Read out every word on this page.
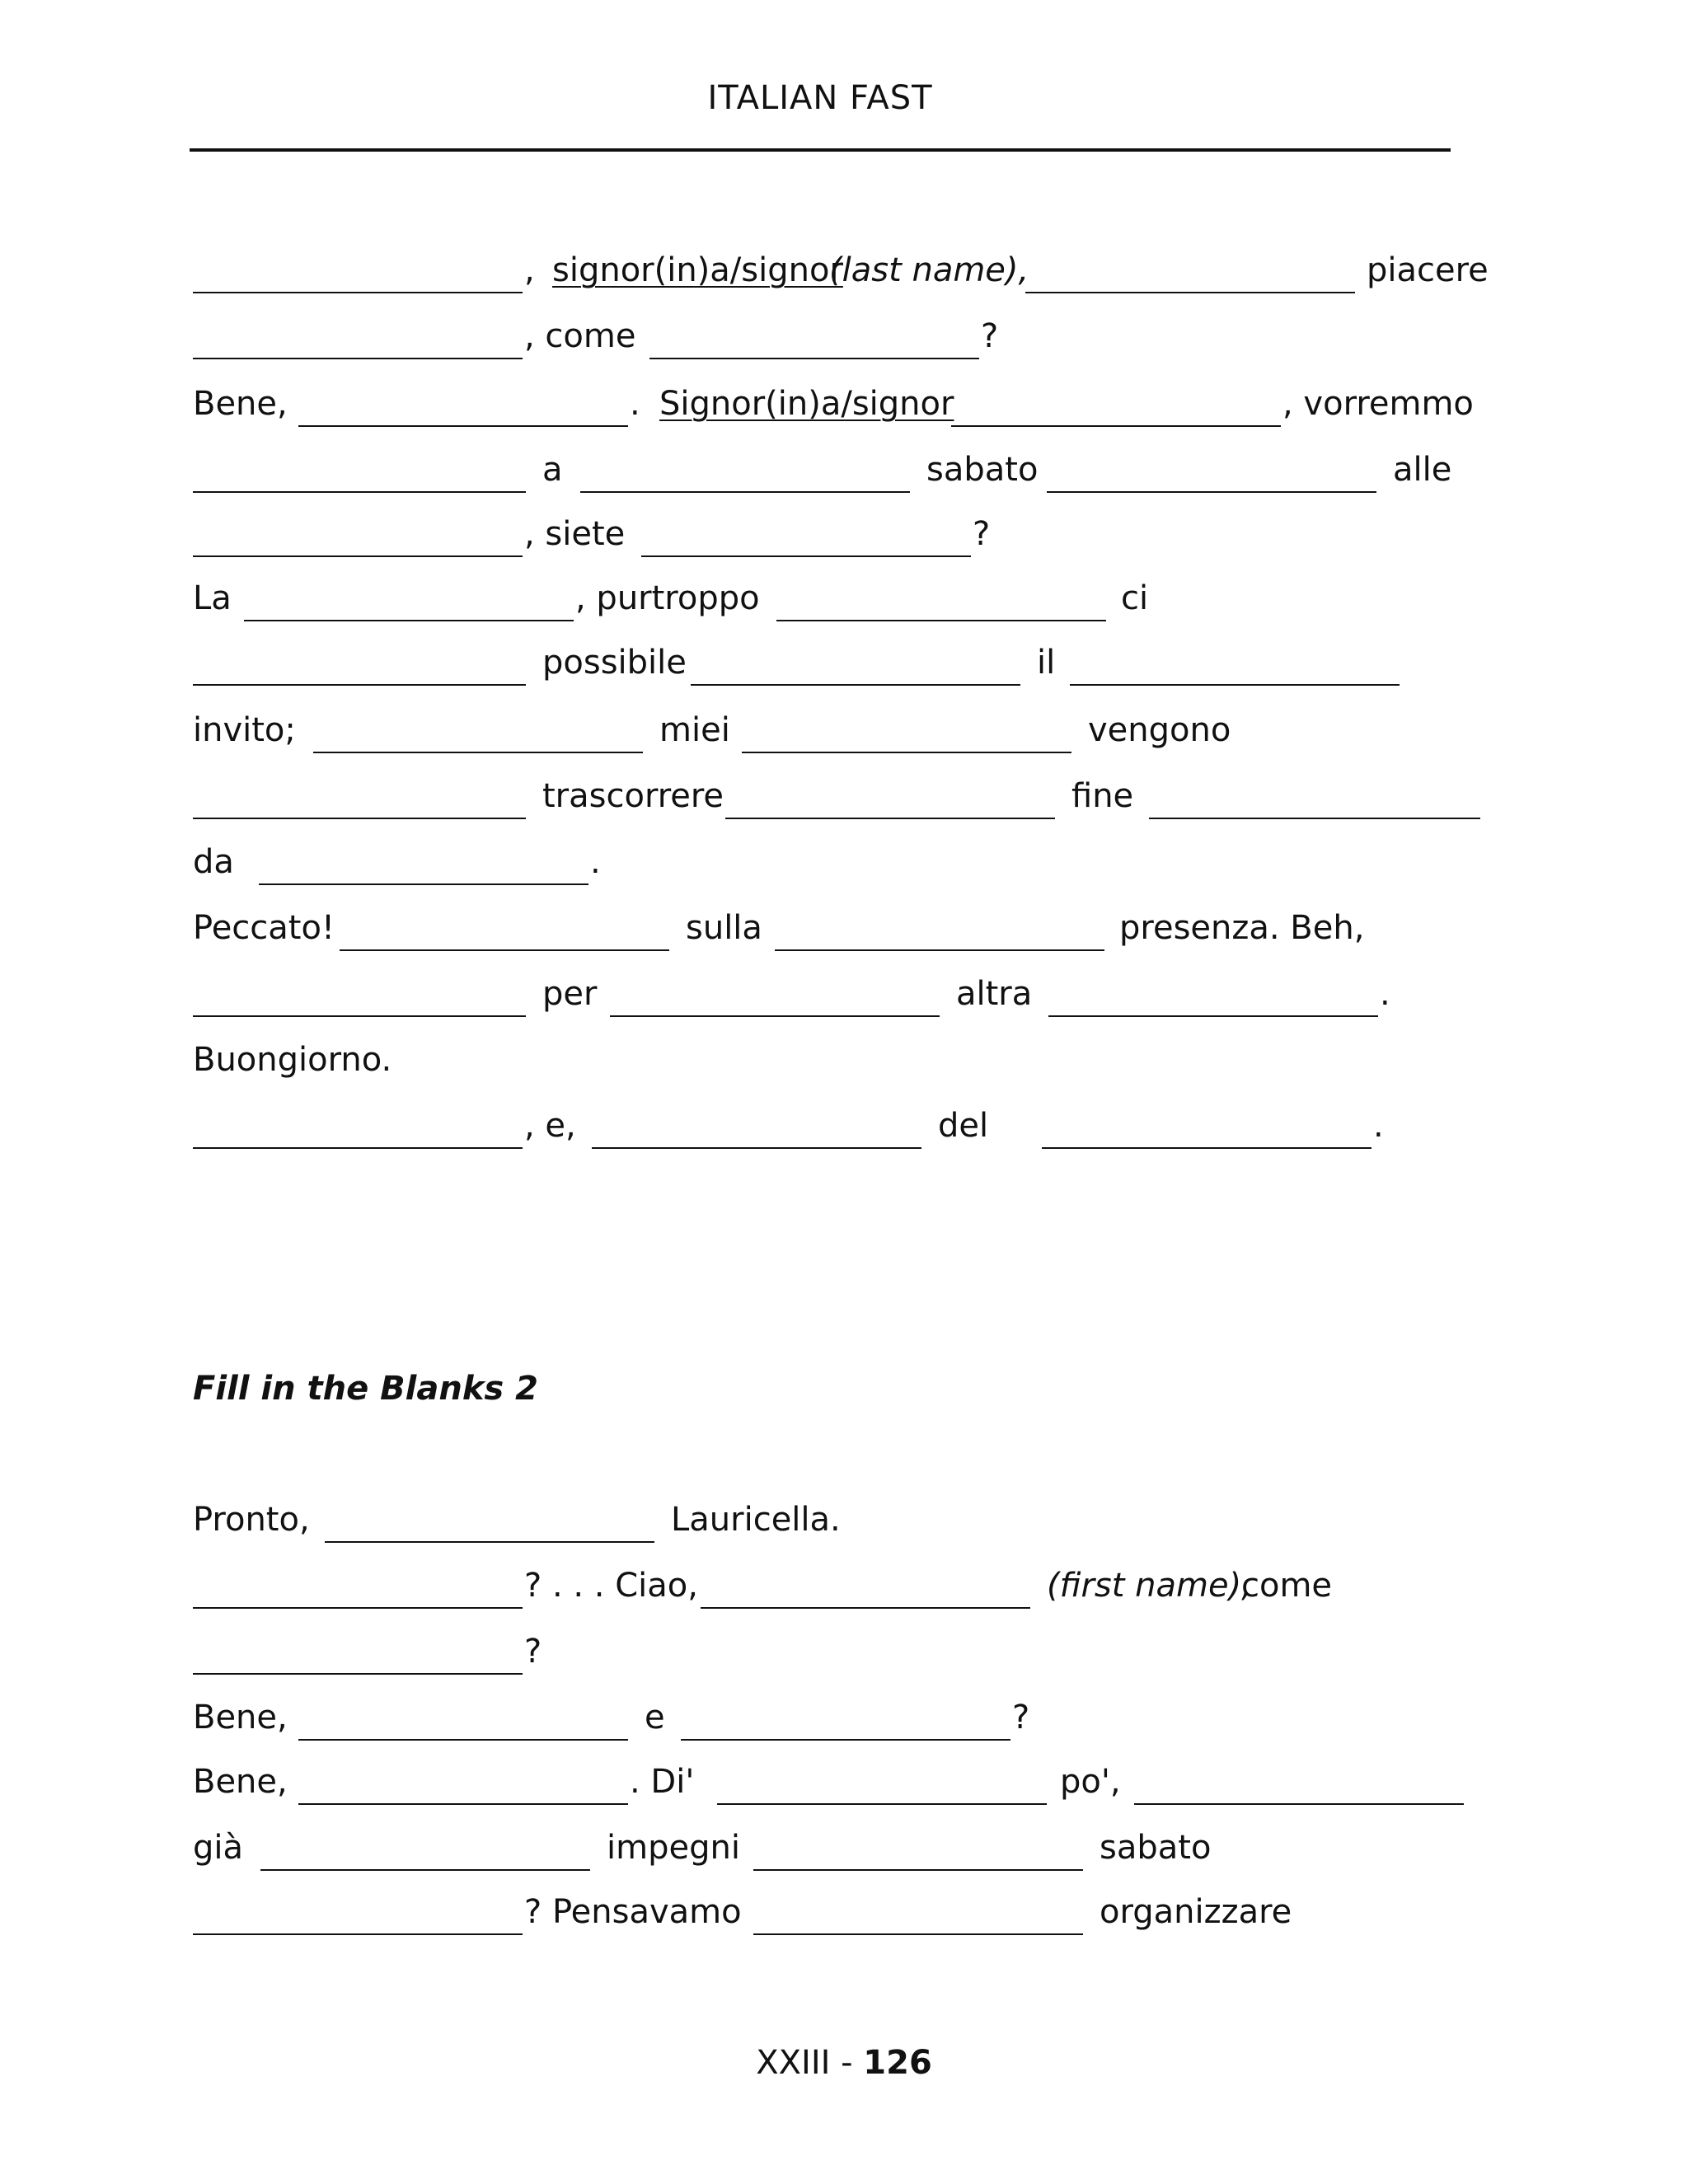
ITALIAN FAST
, signor(in)a/signor
(last name),	piacere
, come	?
Bene,	. Signor(in)a/signor	, vorremmo
a	sabato	alle
, siete	?
La	, purtroppo	ci
possibile	il
invito;	miei	vengono
trascorrere	fine
da	.
Peccato!	sulla	presenza. Beh,
per	altra	.
Buongiorno.
, e,	del	.
Fill in the Blanks 2
Pronto,	Lauricella.
? . . . Ciao,	(first name),
come
?
Bene,	e	?
Bene,	. Di'	po',
già	impegni	sabato
? Pensavamo	organizzare
XXIII - 126
